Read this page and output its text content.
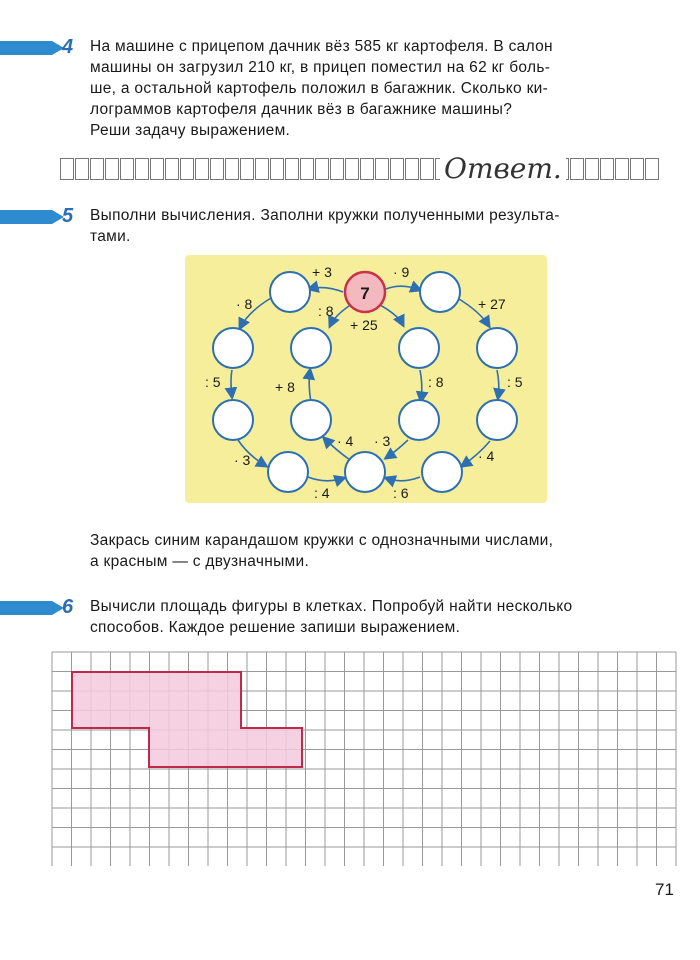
4 На машине с прицепом дачник вёз 585 кг картофеля. В салон

машины он загрузил 210 кг, в прицеп поместил на 62 кг боль-

ше, а остальной картофель положил в багажник. Сколько ки-

лограммов картофеля дачник вёз в багажнике машины?

Реши задачу выражением.

Ответ.
5 Выполни вычисления. Заполни кружки полученными результа-

тами.

7
+ 3	· 9
· 8	: 8	+ 27
+ 25
: 5	+ 8	: 8	: 5
· 3
· 4 · 3
· 4
: 4	: 6

Закрась синим карандашом кружки с однозначными числами,

а красным — с двузначными.

6 Вычисли площадь фигуры в клетках. Попробуй найти несколько

способов. Каждое решение запиши выражением.

71
